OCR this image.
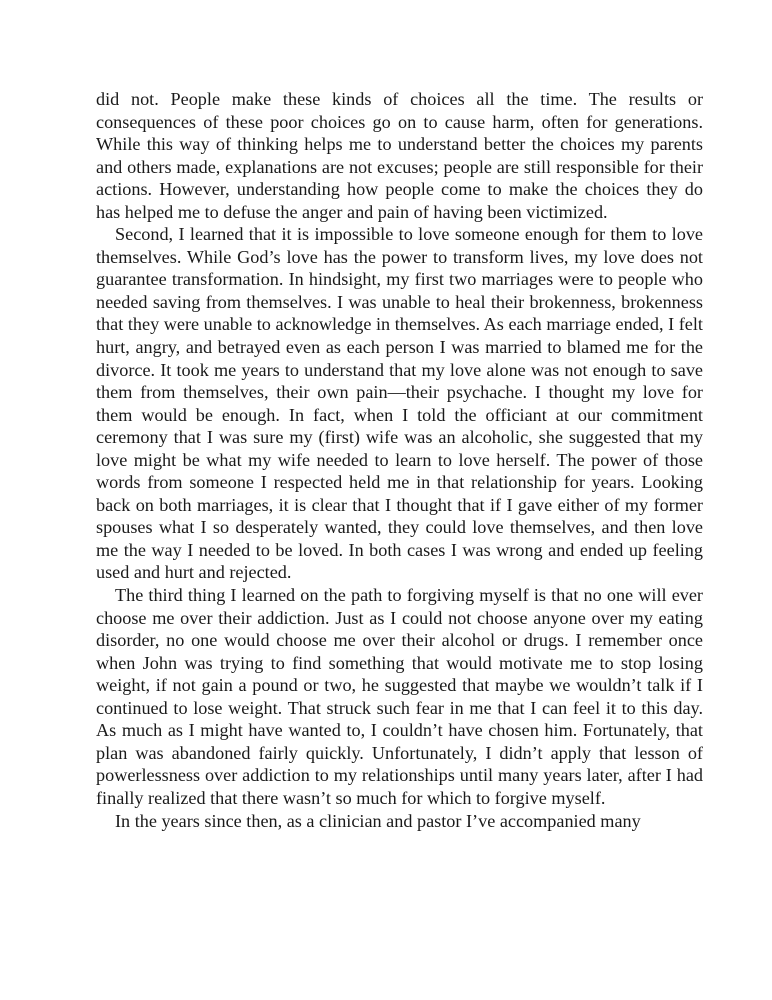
did not. People make these kinds of choices all the time. The results or consequences of these poor choices go on to cause harm, often for generations. While this way of thinking helps me to understand better the choices my parents and others made, explanations are not excuses; people are still responsible for their actions. However, understanding how people come to make the choices they do has helped me to defuse the anger and pain of having been victimized.

Second, I learned that it is impossible to love someone enough for them to love themselves. While God’s love has the power to transform lives, my love does not guarantee transformation. In hindsight, my first two marriages were to people who needed saving from themselves. I was unable to heal their brokenness, brokenness that they were unable to acknowledge in themselves. As each marriage ended, I felt hurt, angry, and betrayed even as each person I was married to blamed me for the divorce. It took me years to understand that my love alone was not enough to save them from themselves, their own pain—their psychache. I thought my love for them would be enough. In fact, when I told the officiant at our commitment ceremony that I was sure my (first) wife was an alcoholic, she suggested that my love might be what my wife needed to learn to love herself. The power of those words from someone I respected held me in that relationship for years. Looking back on both marriages, it is clear that I thought that if I gave either of my former spouses what I so desperately wanted, they could love themselves, and then love me the way I needed to be loved. In both cases I was wrong and ended up feeling used and hurt and rejected.

The third thing I learned on the path to forgiving myself is that no one will ever choose me over their addiction. Just as I could not choose anyone over my eating disorder, no one would choose me over their alcohol or drugs. I remember once when John was trying to find something that would motivate me to stop losing weight, if not gain a pound or two, he suggested that maybe we wouldn’t talk if I continued to lose weight. That struck such fear in me that I can feel it to this day. As much as I might have wanted to, I couldn’t have chosen him. Fortunately, that plan was abandoned fairly quickly. Unfortunately, I didn’t apply that lesson of powerlessness over addiction to my relationships until many years later, after I had finally realized that there wasn’t so much for which to forgive myself.

In the years since then, as a clinician and pastor I’ve accompanied many
